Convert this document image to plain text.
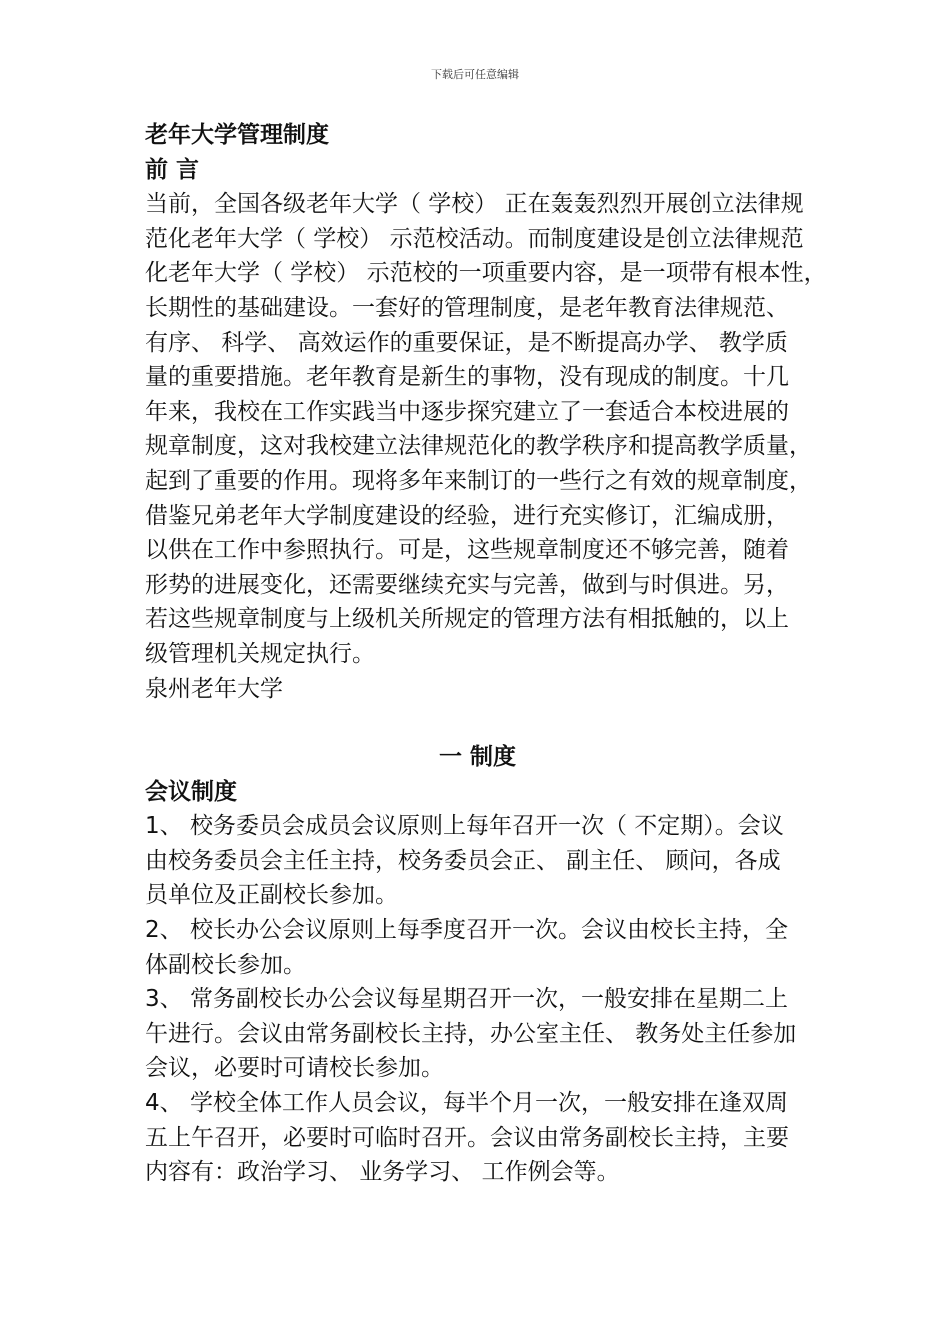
下载后可任意编辑
老年大学管理制度
前 言
当前，全国各级老年大学（ 学校） 正在轰轰烈烈开展创立法律规
范化老年大学（ 学校） 示范校活动。而制度建设是创立法律规范
化老年大学（ 学校） 示范校的一项重要内容，是一项带有根本性，
长期性的基础建设。一套好的管理制度，是老年教育法律规范、
有序、 科学、 高效运作的重要保证，是不断提高办学、 教学质
量的重要措施。老年教育是新生的事物，没有现成的制度。十几
年来，我校在工作实践当中逐步探究建立了一套适合本校进展的
规章制度，这对我校建立法律规范化的教学秩序和提高教学质量，
起到了重要的作用。现将多年来制订的一些行之有效的规章制度，
借鉴兄弟老年大学制度建设的经验，进行充实修订，汇编成册，
以供在工作中参照执行。可是，这些规章制度还不够完善，随着
形势的进展变化，还需要继续充实与完善，做到与时俱进。另，
若这些规章制度与上级机关所规定的管理方法有相抵触的，以上
级管理机关规定执行。
泉州老年大学
一 制度
会议制度
1、 校务委员会成员会议原则上每年召开一次（ 不定期）。会议
由校务委员会主任主持，校务委员会正、 副主任、 顾问，各成
员单位及正副校长参加。
2、 校长办公会议原则上每季度召开一次。会议由校长主持，全
体副校长参加。
3、 常务副校长办公会议每星期召开一次，一般安排在星期二上
午进行。会议由常务副校长主持，办公室主任、 教务处主任参加
会议，必要时可请校长参加。
4、 学校全体工作人员会议，每半个月一次，一般安排在逢双周
五上午召开，必要时可临时召开。会议由常务副校长主持，主要
内容有：政治学习、 业务学习、 工作例会等。
